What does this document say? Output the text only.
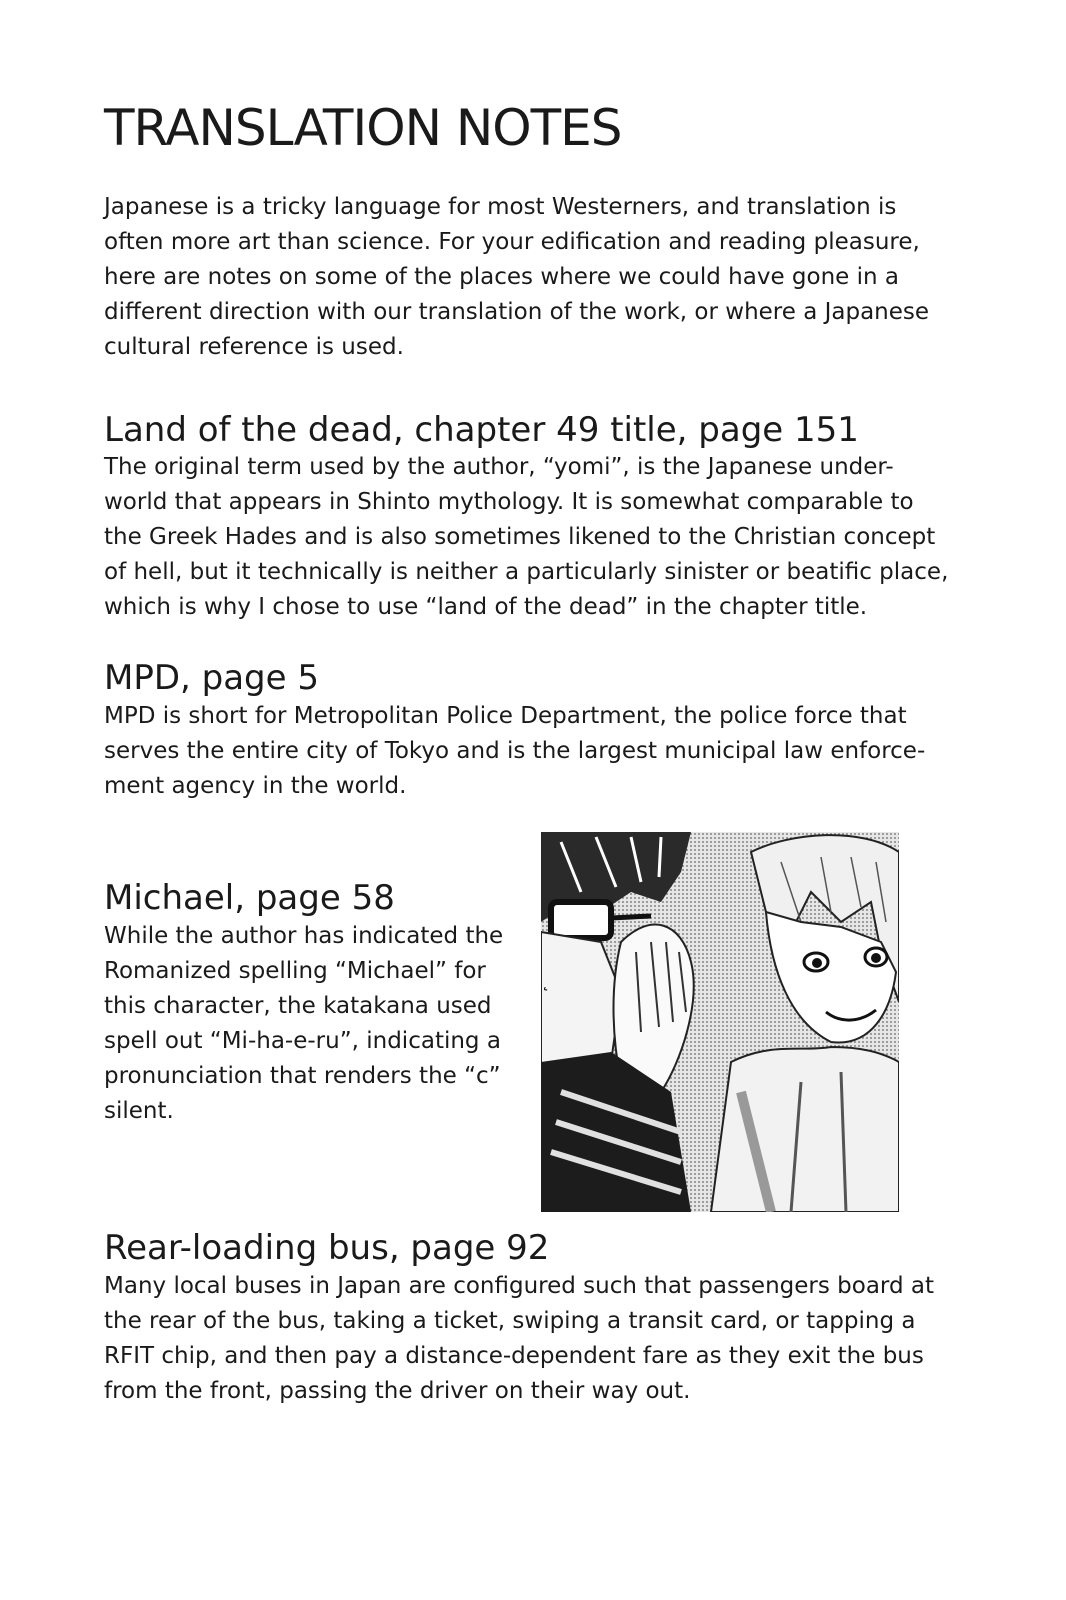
TRANSLATION NOTES

Japanese is a tricky language for most Westerners, and translation is often more art than science. For your edification and reading pleasure, here are notes on some of the places where we could have gone in a different direction with our translation of the work, or where a Japanese cultural reference is used.

Land of the dead, chapter 49 title, page 151

The original term used by the author, “yomi”, is the Japanese under-world that appears in Shinto mythology. It is somewhat comparable to the Greek Hades and is also sometimes likened to the Christian concept of hell, but it technically is neither a particularly sinister or beatific place, which is why I chose to use “land of the dead” in the chapter title.

MPD, page 5

MPD is short for Metropolitan Police Department, the police force that serves the entire city of Tokyo and is the largest municipal law enforce-ment agency in the world.

Michael, page 58

While the author has indicated the Romanized spelling “Michael” for this character, the katakana used spell out “Mi-ha-e-ru”, indicating a pronunciation that renders the “c” silent.

˛
Rear-loading bus, page 92

Many local buses in Japan are configured such that passengers board at the rear of the bus, taking a ticket, swiping a transit card, or tapping a RFIT chip, and then pay a distance-dependent fare as they exit the bus from the front, passing the driver on their way out.
